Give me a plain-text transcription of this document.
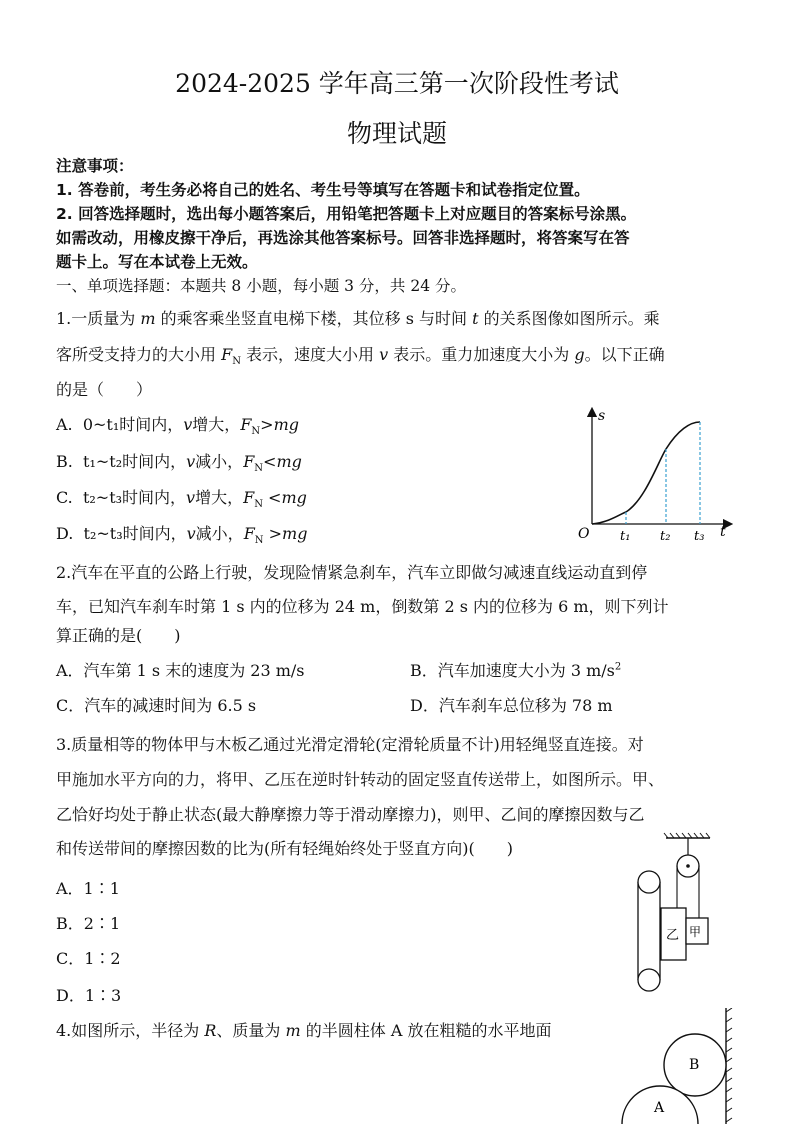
2024-2025 学年高三第一次阶段性考试
物理试题
注意事项：
1. 答卷前，考生务必将自己的姓名、考生号等填写在答题卡和试卷指定位置。
2. 回答选择题时，选出每小题答案后，用铅笔把答题卡上对应题目的答案标号涂黑。
如需改动，用橡皮擦干净后，再选涂其他答案标号。回答非选择题时，将答案写在答
题卡上。写在本试卷上无效。
一、单项选择题：本题共 8 小题，每小题 3 分，共 24 分。
1.一质量为 m 的乘客乘坐竖直电梯下楼，其位移 s 与时间 t 的关系图像如图所示。乘
客所受支持力的大小用 $F_N$ 表示，速度大小用 v 表示。重力加速度大小为 g。以下正确
的是（　　）
A. 0~t₁时间内，v增大，$F_N>mg$
B. t₁~t₂时间内，v减小，$F_N<mg$
C. t₂~t₃时间内，v增大，$F_N <mg$
D. t₂~t₃时间内，v减小，$F_N >mg$
s
O t₁ t₂ t₃ t
2.汽车在平直的公路上行驶，发现险情紧急刹车，汽车立即做匀减速直线运动直到停
车，已知汽车刹车时第 1 s 内的位移为 24 m，倒数第 2 s 内的位移为 6 m，则下列计
算正确的是(　　)
A．汽车第 1 s 末的速度为 23 m/s	B．汽车加速度大小为 3 $m/s^2$
C．汽车的减速时间为 6.5 s	D．汽车刹车总位移为 78 m
3.质量相等的物体甲与木板乙通过光滑定滑轮(定滑轮质量不计)用轻绳竖直连接。对
甲施加水平方向的力，将甲、乙压在逆时针转动的固定竖直传送带上，如图所示。甲、
乙恰好均处于静止状态(最大静摩擦力等于滑动摩擦力)，则甲、乙间的摩擦因数与乙
和传送带间的摩擦因数的比为(所有轻绳始终处于竖直方向)(　　)
A．1∶1
B．2∶1
C．1∶2
D．1∶3
乙 甲
4.如图所示，半径为 R、质量为 m 的半圆柱体 A 放在粗糙的水平地面
B
A
